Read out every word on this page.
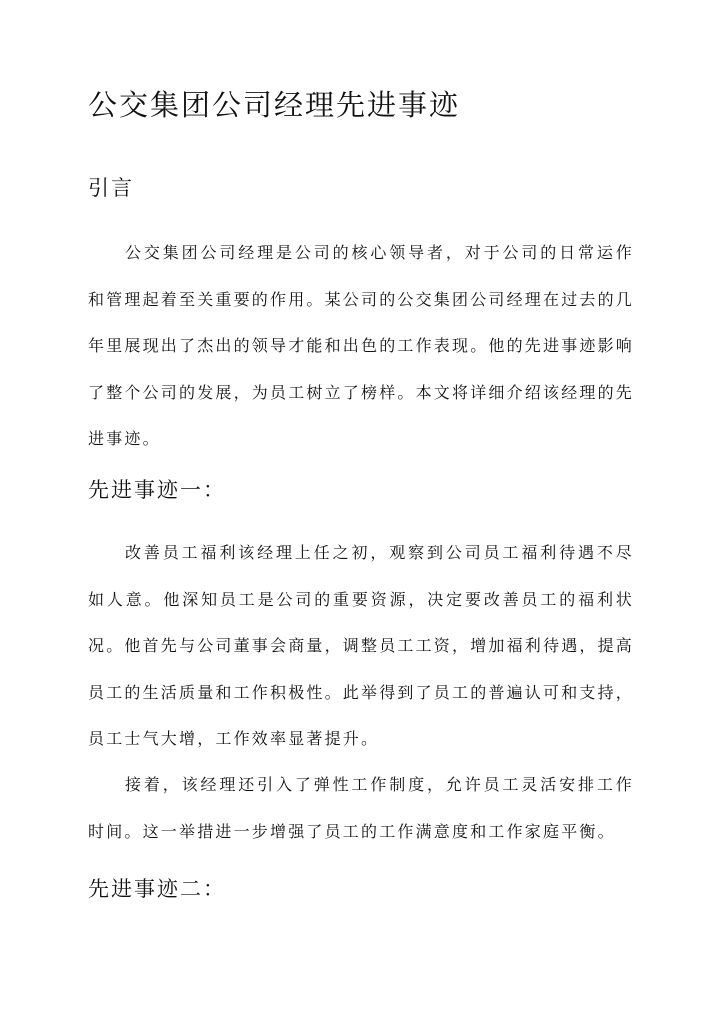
公交集团公司经理先进事迹
引言

公交集团公司经理是公司的核心领导者，对于公司的日常运作和管理起着至关重要的作用。某公司的公交集团公司经理在过去的几年里展现出了杰出的领导才能和出色的工作表现。他的先进事迹影响了整个公司的发展，为员工树立了榜样。本文将详细介绍该经理的先进事迹。

先进事迹一：

改善员工福利该经理上任之初，观察到公司员工福利待遇不尽如人意。他深知员工是公司的重要资源，决定要改善员工的福利状况。他首先与公司董事会商量，调整员工工资，增加福利待遇，提高员工的生活质量和工作积极性。此举得到了员工的普遍认可和支持，员工士气大增，工作效率显著提升。

接着，该经理还引入了弹性工作制度，允许员工灵活安排工作时间。这一举措进一步增强了员工的工作满意度和工作家庭平衡。

先进事迹二：
